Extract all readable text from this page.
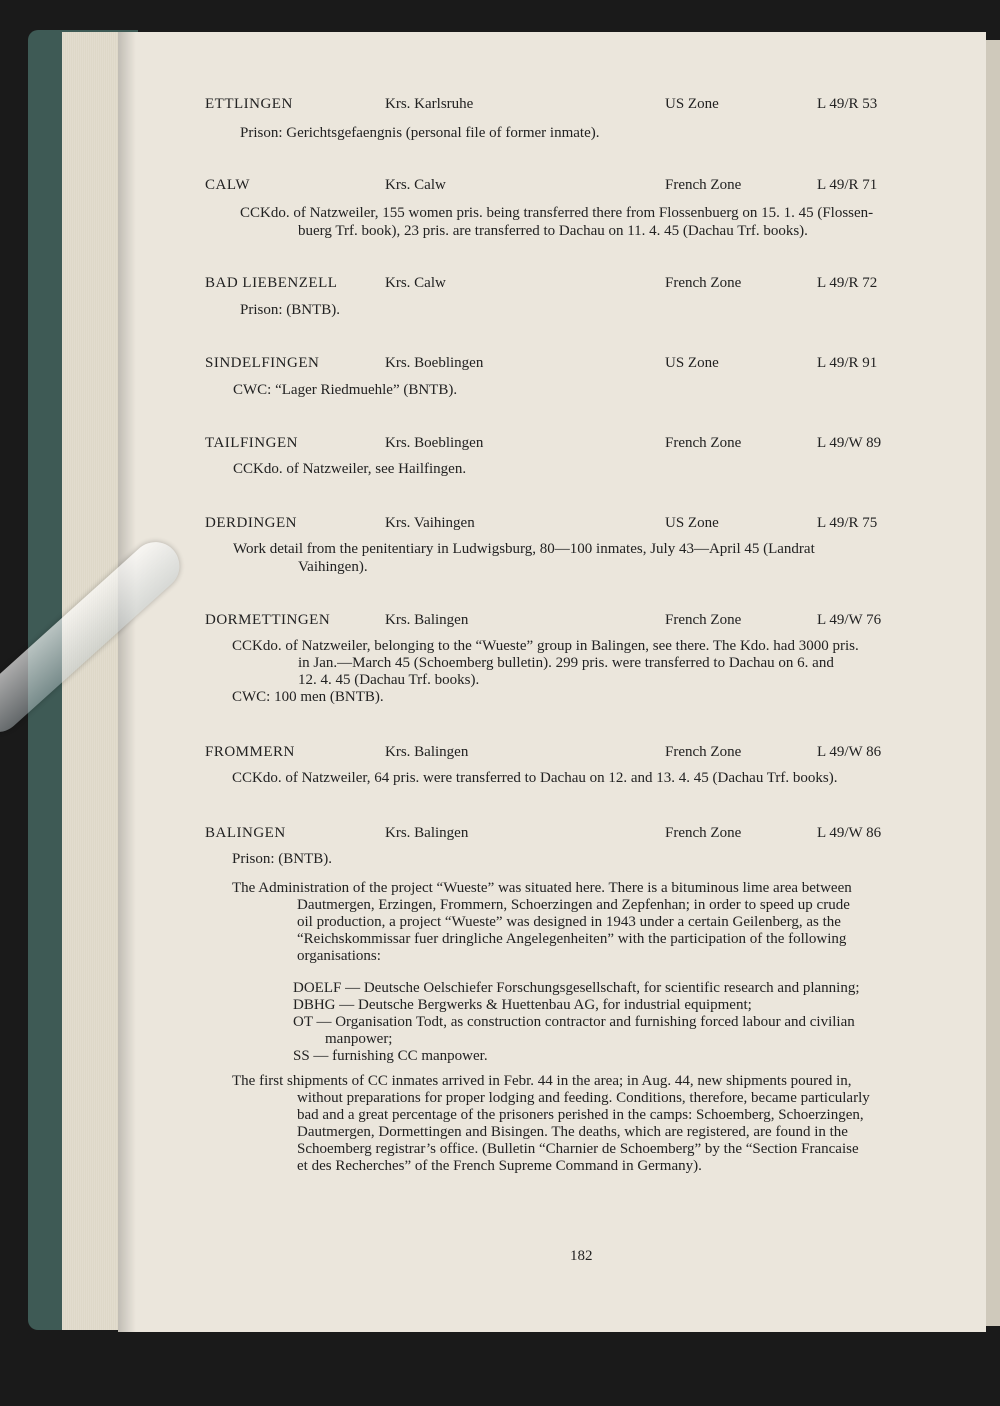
ETTLINGEN	Krs. Karlsruhe	US Zone	L 49/R 53
Prison: Gerichtsgefaengnis (personal file of former inmate).
CALW	Krs. Calw	French Zone	L 49/R 71
CCKdo. of Natzweiler, 155 women pris. being transferred there from Flossenbuerg on 15. 1. 45 (Flossen-
buerg Trf. book), 23 pris. are transferred to Dachau on 11. 4. 45 (Dachau Trf. books).
BAD LIEBENZELL	Krs. Calw	French Zone	L 49/R 72
Prison: (BNTB).
SINDELFINGEN	Krs. Boeblingen	US Zone	L 49/R 91
CWC: “Lager Riedmuehle” (BNTB).
TAILFINGEN	Krs. Boeblingen	French Zone	L 49/W 89
CCKdo. of Natzweiler, see Hailfingen.
DERDINGEN	Krs. Vaihingen	US Zone	L 49/R 75
Work detail from the penitentiary in Ludwigsburg, 80—100 inmates, July 43—April 45 (Landrat
Vaihingen).
DORMETTINGEN	Krs. Balingen	French Zone	L 49/W 76
CCKdo. of Natzweiler, belonging to the “Wueste” group in Balingen, see there. The Kdo. had 3000 pris.
in Jan.—March 45 (Schoemberg bulletin). 299 pris. were transferred to Dachau on 6. and
12. 4. 45 (Dachau Trf. books).
CWC: 100 men (BNTB).
FROMMERN	Krs. Balingen	French Zone	L 49/W 86
CCKdo. of Natzweiler, 64 pris. were transferred to Dachau on 12. and 13. 4. 45 (Dachau Trf. books).
BALINGEN	Krs. Balingen	French Zone	L 49/W 86
Prison: (BNTB).
The Administration of the project “Wueste” was situated here. There is a bituminous lime area between
Dautmergen, Erzingen, Frommern, Schoerzingen and Zepfenhan; in order to speed up crude
oil production, a project “Wueste” was designed in 1943 under a certain Geilenberg, as the
“Reichskommissar fuer dringliche Angelegenheiten” with the participation of the following
organisations:
DOELF — Deutsche Oelschiefer Forschungsgesellschaft, for scientific research and planning;
DBHG — Deutsche Bergwerks & Huettenbau AG, for industrial equipment;
OT — Organisation Todt, as construction contractor and furnishing forced labour and civilian
manpower;
SS — furnishing CC manpower.
The first shipments of CC inmates arrived in Febr. 44 in the area; in Aug. 44, new shipments poured in,
without preparations for proper lodging and feeding. Conditions, therefore, became particularly
bad and a great percentage of the prisoners perished in the camps: Schoemberg, Schoerzingen,
Dautmergen, Dormettingen and Bisingen. The deaths, which are registered, are found in the
Schoemberg registrar’s office. (Bulletin “Charnier de Schoemberg” by the “Section Francaise
et des Recherches” of the French Supreme Command in Germany).
182
